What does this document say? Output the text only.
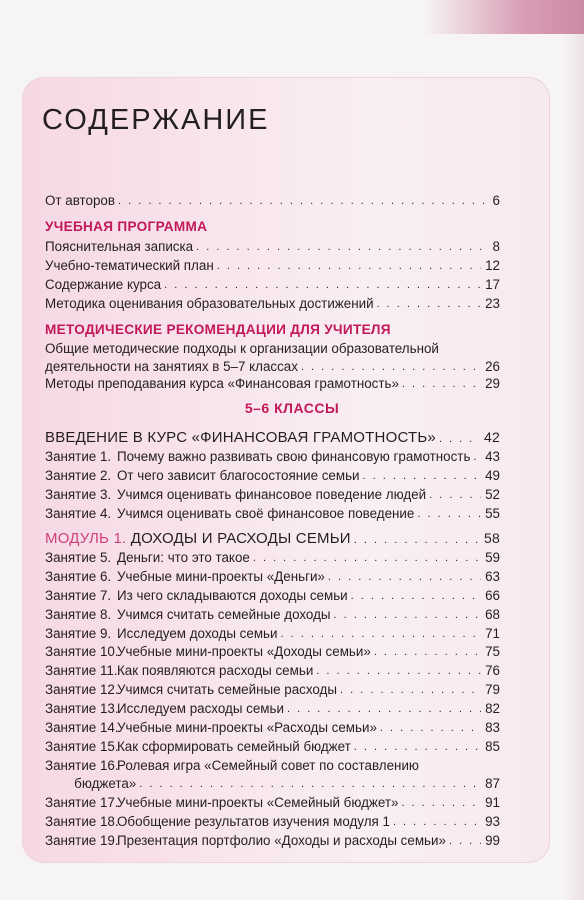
СОДЕРЖАНИЕ
От авторов . . .	6
УЧЕБНАЯ ПРОГРАММА
Пояснительная записка . . .	8
Учебно-тематический план . . .	12
Содержание курса . . .	17
Методика оценивания образовательных достижений . . .	23
МЕТОДИЧЕСКИЕ РЕКОМЕНДАЦИИ ДЛЯ УЧИТЕЛЯ
Общие методические подходы к организации образовательной
деятельности на занятиях в 5–7 классах . . .	26
Методы преподавания курса «Финансовая грамотность» . . .	29
5–6 КЛАССЫ
ВВЕДЕНИЕ В КУРС «ФИНАНСОВАЯ ГРАМОТНОСТЬ» . . .	42
Занятие 1. Почему важно развивать свою финансовую грамотность . . . 43
Занятие 2. От чего зависит благосостояние семьи . . .	49
Занятие 3. Учимся оценивать финансовое поведение людей . . .	52
Занятие 4. Учимся оценивать своё финансовое поведение . . .	55
МОДУЛЬ 1. ДОХОДЫ И РАСХОДЫ СЕМЬИ . . .	58
Занятие 5. Деньги: что это такое . . .	59
Занятие 6. Учебные мини-проекты «Деньги» . . .	63
Занятие 7. Из чего складываются доходы семьи . . .	66
Занятие 8. Учимся считать семейные доходы . . .	68
Занятие 9. Исследуем доходы семьи . . .	71
Занятие 10.Учебные мини-проекты «Доходы семьи» . . .	75
Занятие 11.Как появляются расходы семьи . . .	76
Занятие 12.Учимся считать семейные расходы . . .	79
Занятие 13.Исследуем расходы семьи . . .	82
Занятие 14.Учебные мини-проекты «Расходы семьи» . . .	83
Занятие 15.Как сформировать семейный бюджет . . .	85
Занятие 16.
Ролевая игра «Семейный совет по составлению
бюджета» . . .	87
Занятие 17.Учебные мини-проекты «Семейный бюджет» . . .	91
Занятие 18.Обобщение результатов изучения модуля 1 . . .	93
Занятие 19.Презентация портфолио «Доходы и расходы семьи» . . .	99
